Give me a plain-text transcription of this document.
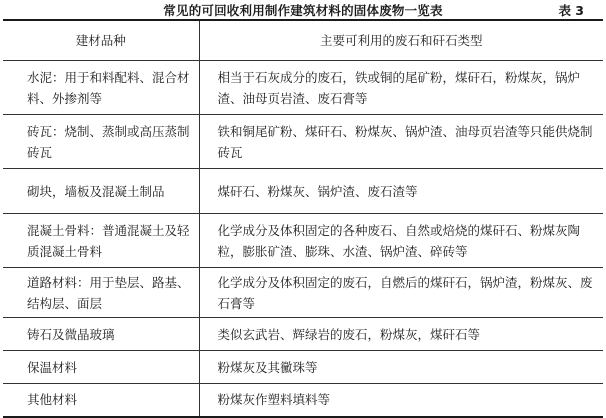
常见的可回收利用制作建筑材料的固体废物一览表	表 3
建材品种	主要可利用的废石和矸石类型
水泥：用于和料配料、混合材料、外掺剂等	相当于石灰成分的废石，铁或铜的尾矿粉，煤矸石，粉煤灰，锅炉渣、油母页岩渣、废石膏等
砖瓦：烧制、蒸制或高压蒸制砖瓦	铁和铜尾矿粉、煤矸石、粉煤灰、锅炉渣、油母页岩渣等只能供烧制砖瓦
砌块，墙板及混凝土制品	煤矸石、粉煤灰、锅炉渣、废石渣等
混凝土骨料：普通混凝土及轻质混凝土骨料	化学成分及体积固定的各种废石、自然或焙烧的煤矸石、粉煤灰陶粒，膨胀矿渣、膨珠、水渣、锅炉渣、碎砖等
道路材料：用于垫层、路基、结构层、面层	化学成分及体积固定的废石，自燃后的煤矸石，锅炉渣，粉煤灰、废石膏等
铸石及微晶玻璃	类似玄武岩、辉绿岩的废石，粉煤灰，煤矸石等
保温材料	粉煤灰及其黴珠等
其他材料	粉煤灰作塑料填料等
